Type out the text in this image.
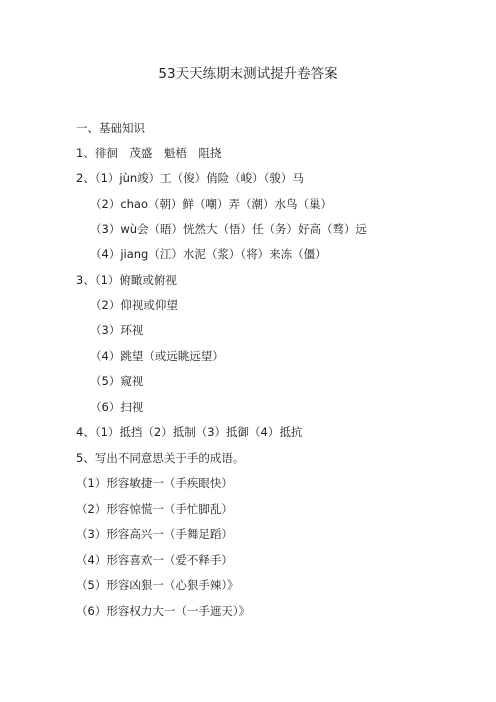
53天天练期末测试提升卷答案
一、基础知识
1、徘徊　茂盛　魁梧　阻挠
2、（1）jùn竣）工（俊）俏险（峻）（骏）马
（2）chao（朝）鲜（嘲）弄（潮）水鸟（巢）
（3）wù会（晤）恍然大（悟）任（务）好高（骛）远
（4）jiang（江）水泥（浆）（将）来冻（僵）
3、（1）俯瞰或俯视
（2）仰视或仰望
（3）环视
（4）跳望（或远眺远望）
（5）窥视
（6）扫视
4、（1）抵挡（2）抵制（3）抵御（4）抵抗
5、写出不同意思关于手的成语。
（1）形容敏捷一（手疾眼快）
（2）形容惊慌一（手忙脚乱）
（3）形容高兴一（手舞足蹈）
（4）形容喜欢一（爱不释手）
（5）形容凶狠一（心狠手辣）》
（6）形容权力大一（一手遮天）》
